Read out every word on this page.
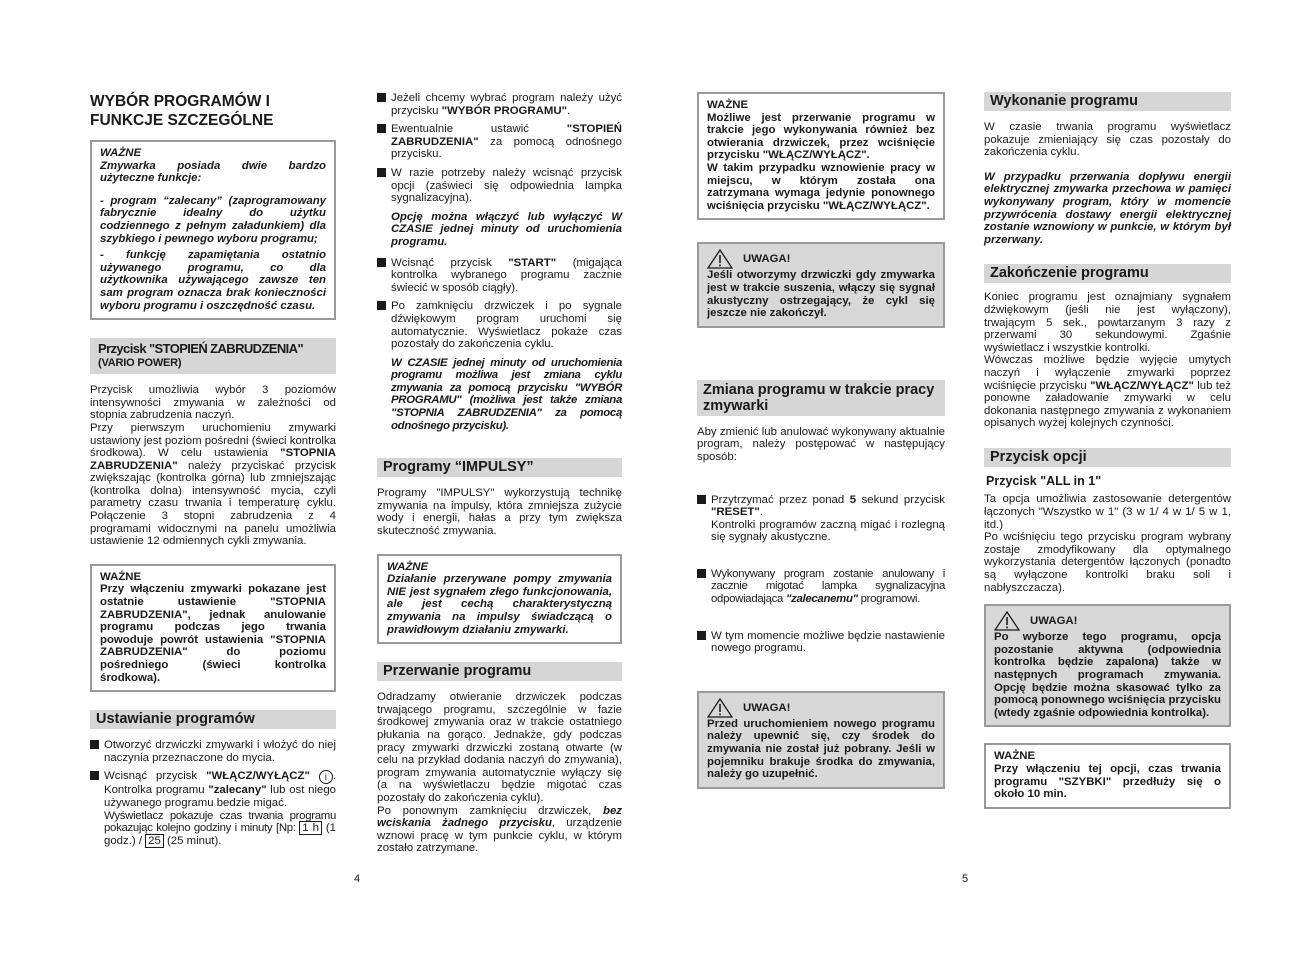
WYBÓR PROGRAMÓW I FUNKCJE SZCZEGÓLNE
WAŻNE

Zmywarka posiada dwie bardzo użyteczne funkcje:

- program “zalecany” (zaprogramowany fabrycznie idealny do użytku codziennego z pełnym załadunkiem) dla szybkiego i pewnego wyboru programu;

- funkcję zapamiętania ostatnio używanego programu, co dla użytkownika używającego zawsze ten sam program oznacza brak konieczności wyboru programu i oszczędność czasu.

Przycisk "STOPIEŃ ZABRUDZENIA"
(VARIO POWER)

Przycisk umożliwia wybór 3 poziomów intensywności zmywania w zależności od stopnia zabrudzenia naczyń.

Przy pierwszym uruchomieniu zmywarki ustawiony jest poziom pośredni (świeci kontrolka środkowa). W celu ustawienia "STOPNIA ZABRUDZENIA" należy przyciskać przycisk zwiększając (kontrolka górna) lub zmniejszając (kontrolka dolna) intensywność mycia, czyli parametry czasu trwania i temperaturę cyklu. Połączenie 3 stopni zabrudzenia z 4 programami widocznymi na panelu umożliwia ustawienie 12 odmiennych cykli zmywania.

WAŻNE

Przy włączeniu zmywarki pokazane jest ostatnie ustawienie "STOPNIA ZABRUDZENIA", jednak anulowanie programu podczas jego trwania powoduje powrót ustawienia "STOPNIA ZABRUDZENIA" do poziomu pośredniego (świeci kontrolka środkowa).

Ustawianie programów

Otworzyć drzwiczki zmywarki i włożyć do niej naczynia przeznaczone do mycia.

Wcisnąć przycisk "WŁĄCZ/WYŁĄCZ" i . Kontrolka programu "zalecany" lub ost niego używanego programu bedzie migać.
Wyświetlacz pokazuje czas trwania programu pokazując kolejno godziny i minuty [Np: 1 h (1 godz.) / 25 (25 minut).

Jeżeli chcemy wybrać program należy użyć przycisku "WYBÓR PROGRAMU".

Ewentualnie ustawić "STOPIEŃ ZABRUDZENIA" za pomocą odnośnego przycisku.

W razie potrzeby należy wcisnąć przycisk opcji (zaświeci się odpowiednia lampka sygnalizacyjna).

Opcję można włączyć lub wyłączyć W CZASIE jednej minuty od uruchomienia programu.

Wcisnąć przycisk "START" (migająca kontrolka wybranego programu zacznie świecić w sposób ciągły).

Po zamknięciu drzwiczek i po sygnale dźwiękowym program uruchomi się automatycznie. Wyświetlacz pokaże czas pozostały do zakończenia cyklu.

W CZASIE jednej minuty od uruchomienia programu możliwa jest zmiana cyklu zmywania za pomocą przycisku "WYBÓR PROGRAMU" (możliwa jest także zmiana "STOPNIA ZABRUDZENIA" za pomocą odnośnego przycisku).

Programy “IMPULSY”

Programy "IMPULSY" wykorzystują technikę zmywania na impulsy, która zmniejsza zużycie wody i energii, hałas a przy tym zwiększa skuteczność zmywania.

WAŻNE

Działanie przerywane pompy zmywania NIE jest sygnałem złego funkcjonowania, ale jest cechą charakterystyczną zmywania na impulsy świadczącą o prawidłowym działaniu zmywarki.

Przerwanie programu

Odradzamy otwieranie drzwiczek podczas trwającego programu, szczególnie w fazie środkowej zmywania oraz w trakcie ostatniego płukania na gorąco. Jednakże, gdy podczas pracy zmywarki drzwiczki zostaną otwarte (w celu na przykład dodania naczyń do zmywania), program zmywania automatycznie wyłączy się (a na wyświetlaczu będzie migotać czas pozostały do zakończenia cyklu).

Po ponownym zamknięciu drzwiczek, bez wciskania żadnego przycisku, urządzenie wznowi pracę w tym punkcie cyklu, w którym zostało zatrzymane.

4
WAŻNE

Możliwe jest przerwanie programu w trakcie jego wykonywania również bez otwierania drzwiczek, przez wciśnięcie przycisku "WŁĄCZ/WYŁĄCZ".

W takim przypadku wznowienie pracy w miejscu, w którym została ona zatrzymana wymaga jedynie ponownego wciśnięcia przycisku "WŁĄCZ/WYŁĄCZ".

UWAGA!

Jeśli otworzymy drzwiczki gdy zmywarka jest w trakcie suszenia, włączy się sygnał akustyczny ostrzegający, że cykl się jeszcze nie zakończył.

Zmiana programu w trakcie pracy zmywarki

Aby zmienić lub anulować wykonywany aktualnie program, należy postępować w następujący sposób:

Przytrzymać przez ponad 5 sekund przycisk "RESET".
Kontrolki programów zaczną migać i rozlegną się sygnały akustyczne.

Wykonywany program zostanie anulowany i zacznie migotać lampka sygnalizacyjna odpowiadająca "zalecanemu" programowi.

W tym momencie możliwe będzie nastawienie nowego programu.

UWAGA!

Przed uruchomieniem nowego programu należy upewnić się, czy środek do zmywania nie został już pobrany. Jeśli w pojemniku brakuje środka do zmywania, należy go uzupełnić.

Wykonanie programu

W czasie trwania programu wyświetlacz pokazuje zmieniający się czas pozostały do zakończenia cyklu.

W przypadku przerwania dopływu energii elektrycznej zmywarka przechowa w pamięci wykonywany program, który w momencie przywrócenia dostawy energii elektrycznej zostanie wznowiony w punkcie, w którym był przerwany.

Zakończenie programu

Koniec programu jest oznajmiany sygnałem dźwiękowym (jeśli nie jest wyłączony), trwającym 5 sek., powtarzanym 3 razy z przerwami 30 sekundowymi. Zgaśnie wyświetlacz i wszystkie kontrolki.

Wówczas możliwe będzie wyjęcie umytych naczyń i wyłączenie zmywarki poprzez wciśnięcie przycisku "WŁĄCZ/WYŁĄCZ" lub też ponowne załadowanie zmywarki w celu dokonania następnego zmywania z wykonaniem opisanych wyżej kolejnych czynności.

Przycisk opcji
Przycisk "ALL in 1"

Ta opcja umożliwia zastosowanie detergentów łączonych "Wszystko w 1" (3 w 1/ 4 w 1/ 5 w 1, itd.)

Po wciśnięciu tego przycisku program wybrany zostaje zmodyfikowany dla optymalnego wykorzystania detergentów łączonych (ponadto są wyłączone kontrolki braku soli i nabłyszczacza).

UWAGA!

Po wyborze tego programu, opcja pozostanie aktywna (odpowiednia kontrolka będzie zapalona) także w następnych programach zmywania. Opcję będzie można skasować tylko za pomocą ponownego wciśnięcia przycisku (wtedy zgaśnie odpowiednia kontrolka).

WAŻNE

Przy włączeniu tej opcji, czas trwania programu "SZYBKI" przedłuży się o około 10 min.

5
